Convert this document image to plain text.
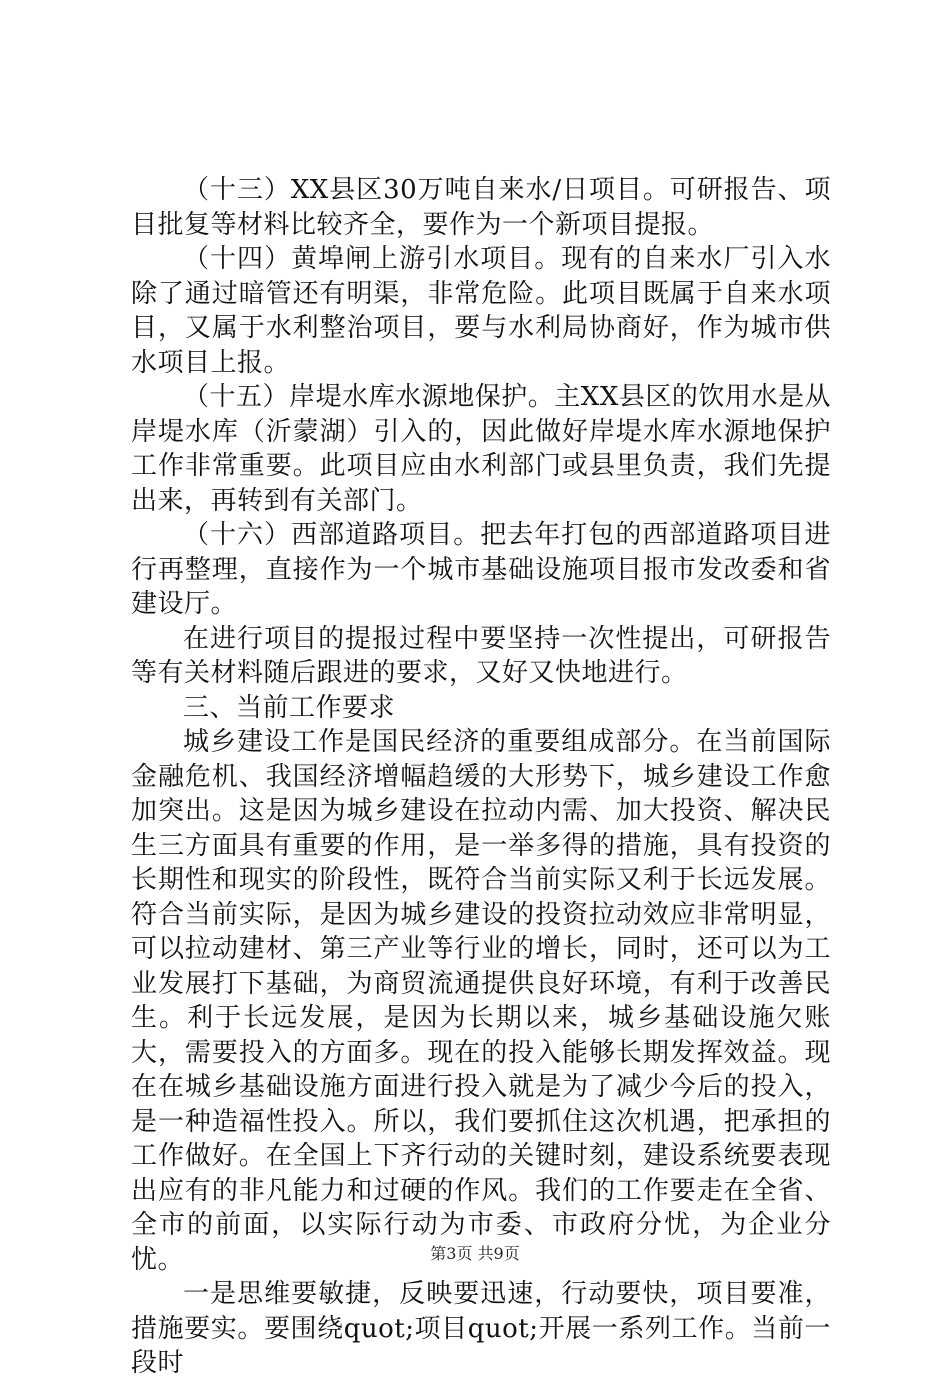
（十三）XX县区30万吨自来水/日项目。可研报告、项目批复等材料比较齐全，要作为一个新项目提报。

（十四）黄埠闸上游引水项目。现有的自来水厂引入水除了通过暗管还有明渠，非常危险。此项目既属于自来水项目，又属于水利整治项目，要与水利局协商好，作为城市供水项目上报。

（十五）岸堤水库水源地保护。主XX县区的饮用水是从岸堤水库（沂蒙湖）引入的，因此做好岸堤水库水源地保护工作非常重要。此项目应由水利部门或县里负责，我们先提出来，再转到有关部门。

（十六）西部道路项目。把去年打包的西部道路项目进行再整理，直接作为一个城市基础设施项目报市发改委和省建设厅。

在进行项目的提报过程中要坚持一次性提出，可研报告等有关材料随后跟进的要求，又好又快地进行。

三、当前工作要求

城乡建设工作是国民经济的重要组成部分。在当前国际金融危机、我国经济增幅趋缓的大形势下，城乡建设工作愈加突出。这是因为城乡建设在拉动内需、加大投资、解决民生三方面具有重要的作用，是一举多得的措施，具有投资的长期性和现实的阶段性，既符合当前实际又利于长远发展。符合当前实际，是因为城乡建设的投资拉动效应非常明显，可以拉动建材、第三产业等行业的增长，同时，还可以为工业发展打下基础，为商贸流通提供良好环境，有利于改善民生。利于长远发展，是因为长期以来，城乡基础设施欠账大，需要投入的方面多。现在的投入能够长期发挥效益。现在在城乡基础设施方面进行投入就是为了减少今后的投入，是一种造福性投入。所以，我们要抓住这次机遇，把承担的工作做好。在全国上下齐行动的关键时刻，建设系统要表现出应有的非凡能力和过硬的作风。我们的工作要走在全省、全市的前面，以实际行动为市委、市政府分忧，为企业分忧。

一是思维要敏捷，反映要迅速，行动要快，项目要准，措施要实。要围绕quot;项目quot;开展一系列工作。当前一段时

第3页 共9页
